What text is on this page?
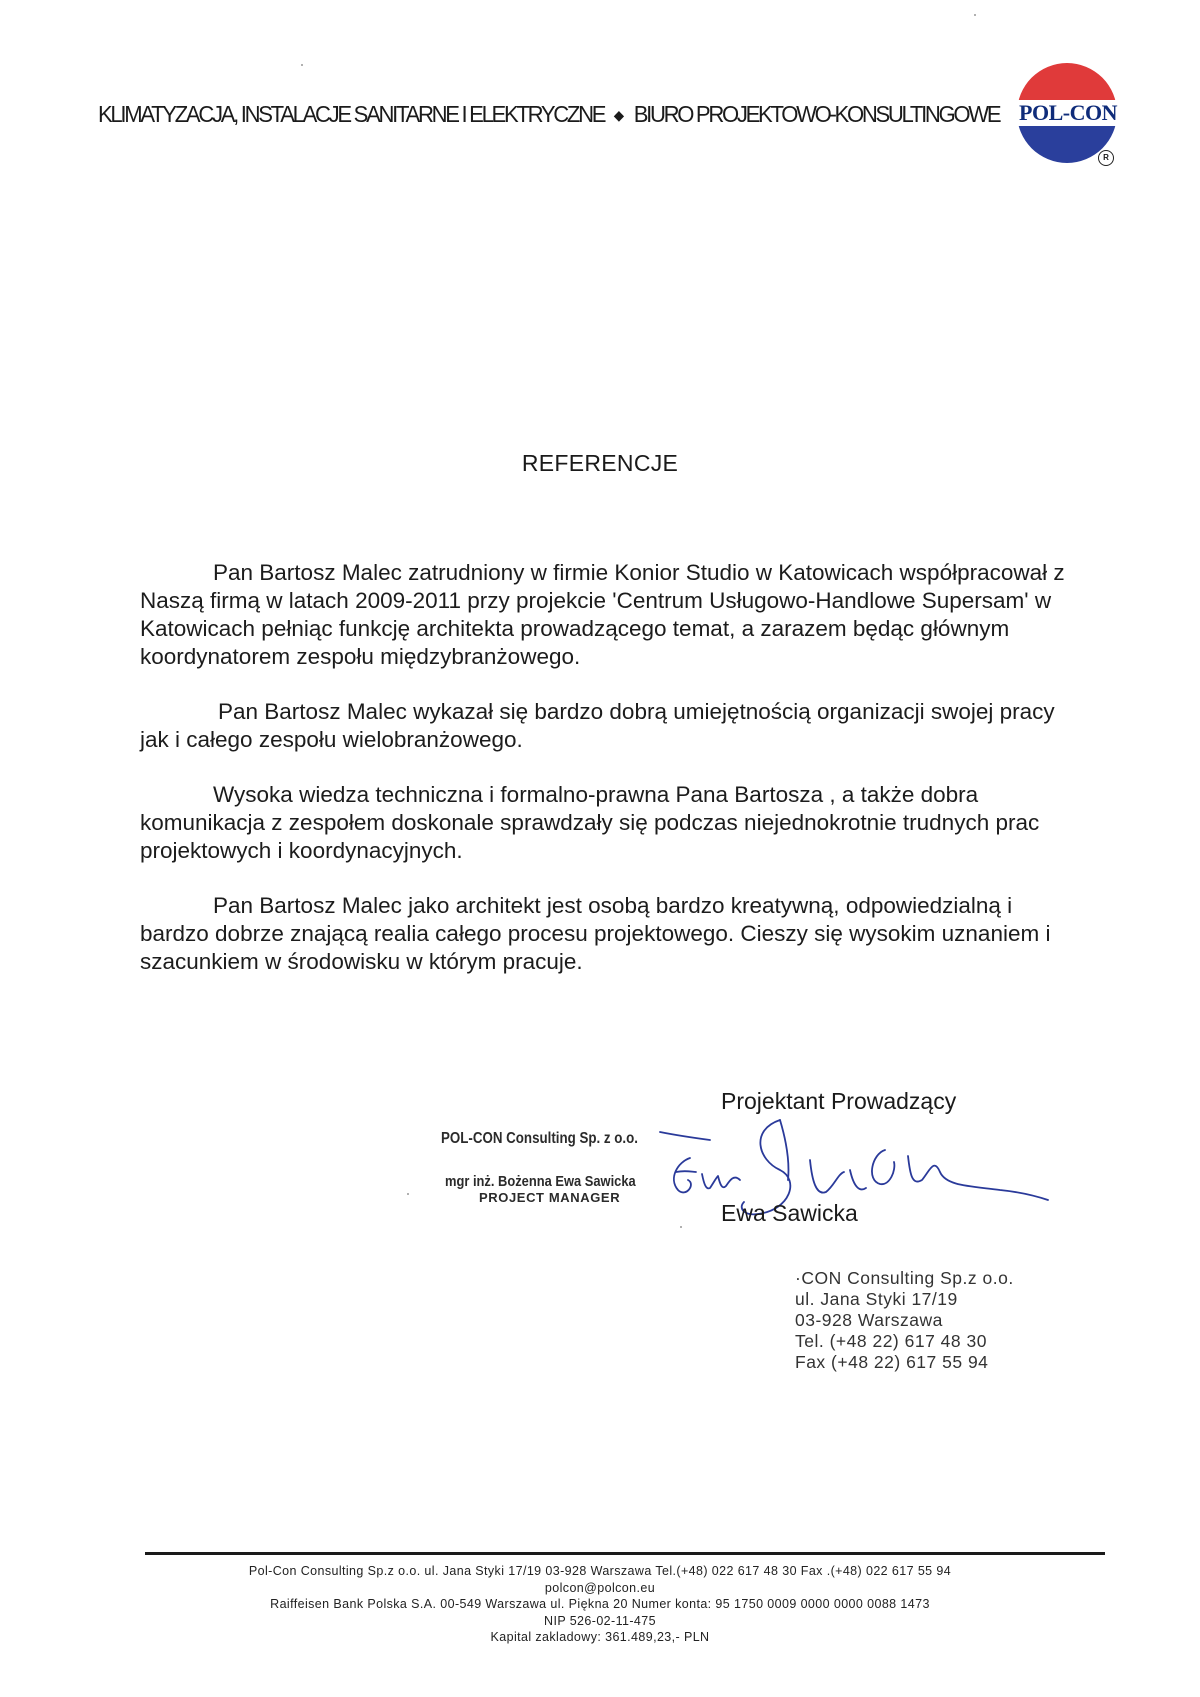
KLIMATYZACJA, INSTALACJE SANITARNE I ELEKTRYCZNE ◆ BIURO PROJEKTOWO-KONSULTINGOWE POL-CON
R
REFERENCJE

Pan Bartosz Malec zatrudniony w firmie Konior Studio w Katowicach współpracował z Naszą firmą w latach 2009-2011 przy projekcie 'Centrum Usługowo-Handlowe Supersam' w Katowicach pełniąc funkcję architekta prowadzącego temat, a zarazem będąc głównym koordynatorem zespołu międzybranżowego.

Pan Bartosz Malec wykazał się bardzo dobrą umiejętnością organizacji swojej pracy jak i całego zespołu wielobranżowego.

Wysoka wiedza techniczna i formalno-prawna Pana Bartosza , a także dobra komunikacja z zespołem doskonale sprawdzały się podczas niejednokrotnie trudnych prac projektowych i koordynacyjnych.

Pan Bartosz Malec jako architekt jest osobą bardzo kreatywną, odpowiedzialną i bardzo dobrze znającą realia całego procesu projektowego. Cieszy się wysokim uznaniem i szacunkiem w środowisku w którym pracuje.

Projektant Prowadzący
POL-CON Consulting Sp. z o.o.
mgr inż. Bożenna Ewa Sawicka
PROJECT MANAGER
Ewa Sawicka
·CON Consulting Sp.z o.o.
ul. Jana Styki 17/19
03-928 Warszawa
Tel. (+48 22) 617 48 30
Fax (+48 22) 617 55 94
Pol-Con Consulting Sp.z o.o. ul. Jana Styki 17/19 03-928 Warszawa Tel.(+48) 022 617 48 30 Fax .(+48) 022 617 55 94
polcon@polcon.eu
Raiffeisen Bank Polska S.A. 00-549 Warszawa ul. Piękna 20 Numer konta: 95 1750 0009 0000 0000 0088 1473
NIP 526-02-11-475
Kapital zakladowy: 361.489,23,- PLN
